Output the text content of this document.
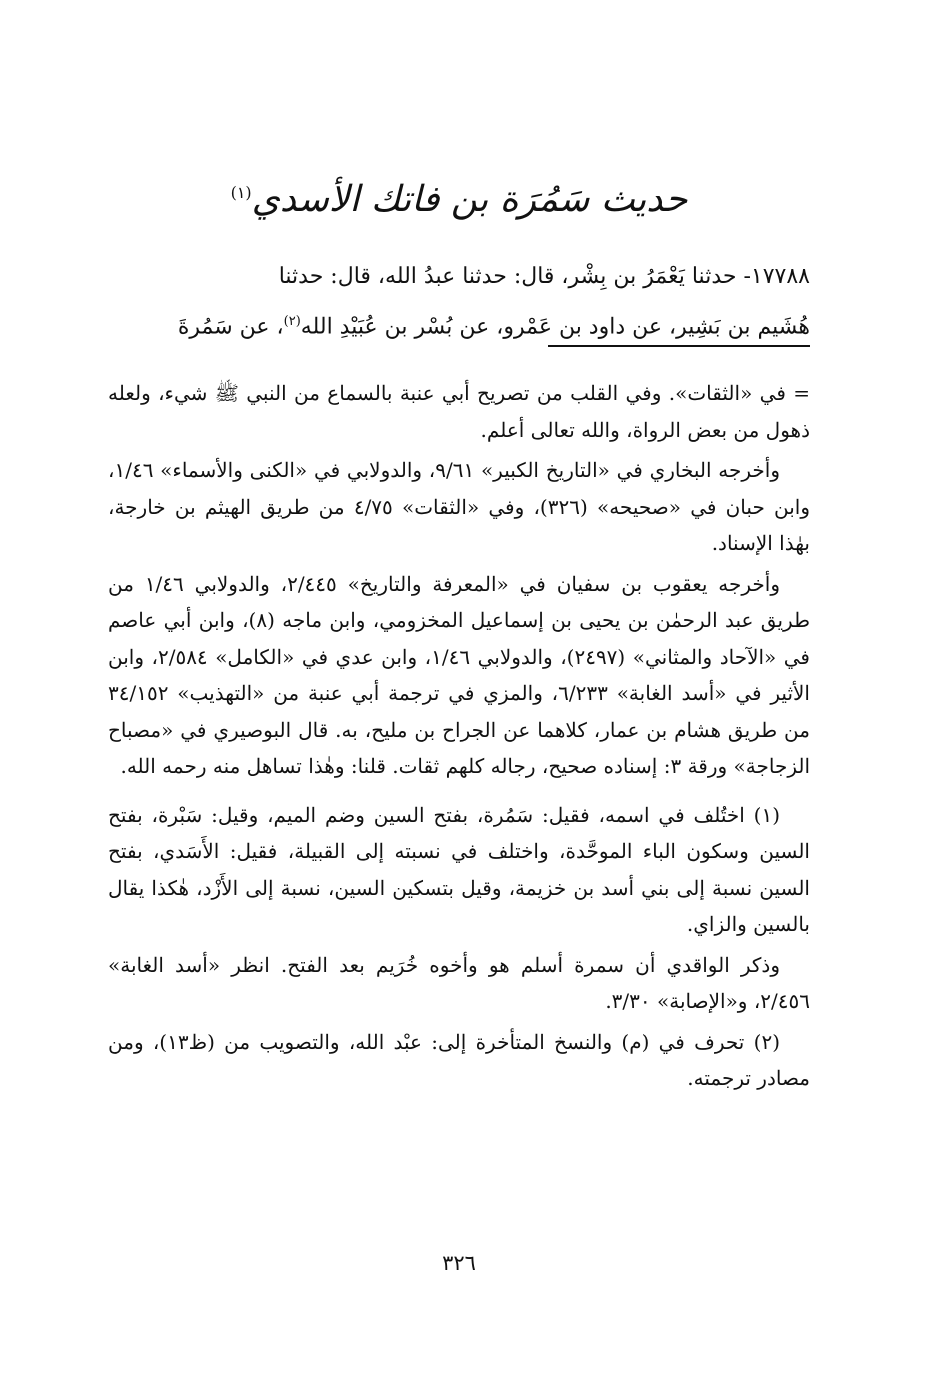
حديث سَمُرَة بن فاتك الأسدي$^{(١)}$

١٧٧٨٨- حدثنا يَعْمَرُ بن بِشْر، قال: حدثنا عبدُ الله، قال: حدثنا

هُشَيم بن بَشِير، عن داود بن عَمْرو، عن بُسْر بن عُبَيْدِ الله$^{(٢)}$، عن سَمُرةَ

= في «الثقات». وفي القلب من تصريح أبي عنبة بالسماع من النبي ﷺ شيء، ولعله ذهول من بعض الرواة، والله تعالى أعلم.

وأخرجه البخاري في «التاريخ الكبير» ٩/٦١، والدولابي في «الكنى والأسماء» ١/٤٦، وابن حبان في «صحيحه» (٣٢٦)، وفي «الثقات» ٤/٧٥ من طريق الهيثم بن خارجة، بهٰذا الإسناد.

وأخرجه يعقوب بن سفيان في «المعرفة والتاريخ» ٢/٤٤٥، والدولابي ١/٤٦ من طريق عبد الرحمٰن بن يحيى بن إسماعيل المخزومي، وابن ماجه (٨)، وابن أبي عاصم في «الآحاد والمثاني» (٢٤٩٧)، والدولابي ١/٤٦، وابن عدي في «الكامل» ٢/٥٨٤، وابن الأثير في «أسد الغابة» ٦/٢٣٣، والمزي في ترجمة أبي عنبة من «التهذيب» ٣٤/١٥٢ من طريق هشام بن عمار، كلاهما عن الجراح بن مليح، به. قال البوصيري في «مصباح الزجاجة» ورقة ٣: إسناده صحيح، رجاله كلهم ثقات. قلنا: وهٰذا تساهل منه رحمه الله.

(١) اختُلف في اسمه، فقيل: سَمُرة، بفتح السين وضم الميم، وقيل: سَبْرة، بفتح السين وسكون الباء الموحَّدة، واختلف في نسبته إلى القبيلة، فقيل: الأَسَدي، بفتح السين نسبة إلى بني أسد بن خزيمة، وقيل بتسكين السين، نسبة إلى الأَزْد، هٰكذا يقال بالسين والزاي.

وذكر الواقدي أن سمرة أسلم هو وأخوه خُرَيم بعد الفتح. انظر «أسد الغابة» ٢/٤٥٦، و«الإصابة» ٣/٣٠.

(٢) تحرف في (م) والنسخ المتأخرة إلى: عبْد الله، والتصويب من (ظ١٣)، ومن مصادر ترجمته.

٣٢٦
